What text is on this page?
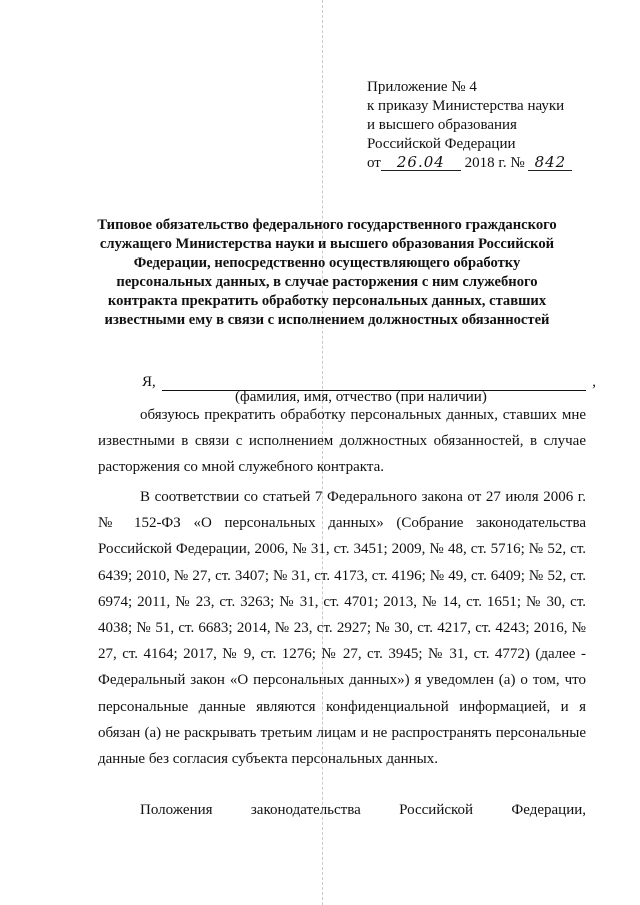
Приложение № 4
к приказу Министерства науки
и высшего образования
Российской Федерации
от 26.04 2018 г. № 842
Типовое обязательство федерального государственного гражданского служащего Министерства науки и высшего образования Российской Федерации, непосредственно осуществляющего обработку персональных данных, в случае расторжения с ним служебного контракта прекратить обработку персональных данных, ставших известными ему в связи с исполнением должностных обязанностей
Я,	,
(фамилия, имя, отчество (при наличии)

обязуюсь прекратить обработку персональных данных, ставших мне известными в связи с исполнением должностных обязанностей, в случае расторжения со мной служебного контракта.

В соответствии со статьей 7 Федерального закона от 27 июля 2006 г. № 152-ФЗ «О персональных данных» (Собрание законодательства Российской Федерации, 2006, № 31, ст. 3451; 2009, № 48, ст. 5716; № 52, ст. 6439; 2010, № 27, ст. 3407; № 31, ст. 4173, ст. 4196; № 49, ст. 6409; № 52, ст. 6974; 2011, № 23, ст. 3263; № 31, ст. 4701; 2013, № 14, ст. 1651; № 30, ст. 4038; № 51, ст. 6683; 2014, № 23, ст. 2927; № 30, ст. 4217, ст. 4243; 2016, № 27, ст. 4164; 2017, № 9, ст. 1276; № 27, ст. 3945; № 31, ст. 4772) (далее - Федеральный закон «О персональных данных») я уведомлен (а) о том, что персональные данные являются конфиденциальной информацией, и я обязан (а) не раскрывать третьим лицам и не распространять персональные данные без согласия субъекта персональных данных.

Положения законодательства Российской Федерации,
